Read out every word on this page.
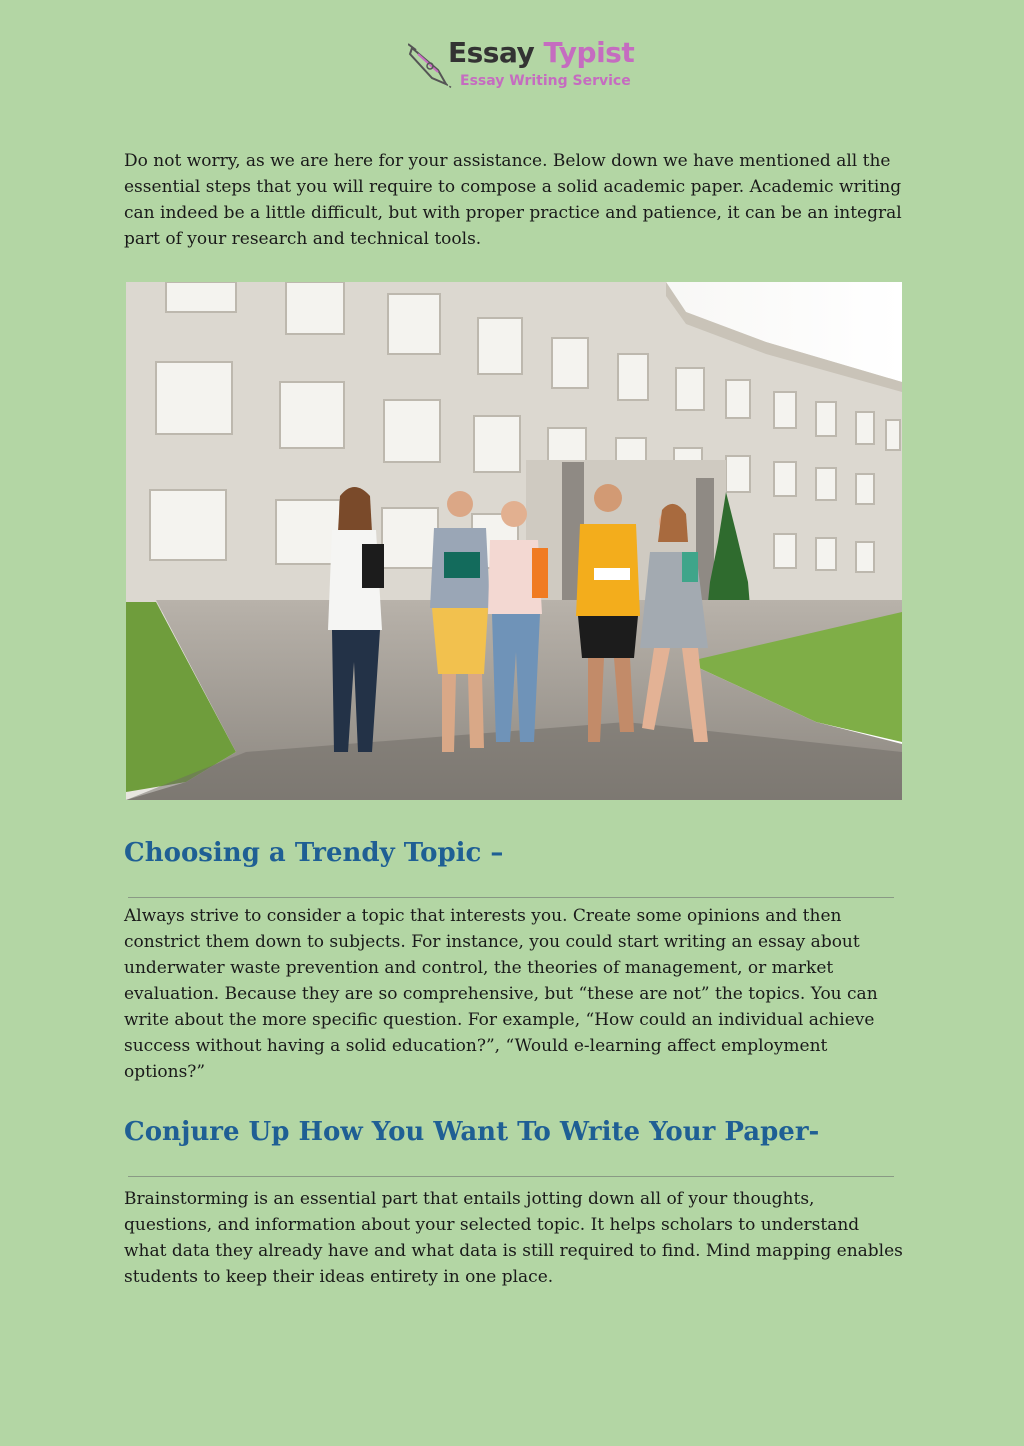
Essay Typist
Essay Writing Service

Do not worry, as we are here for your assistance. Below down we have mentioned all the essential steps that you will require to compose a solid academic paper. Academic writing can indeed be a little difficult, but with proper practice and patience, it can be an integral part of your research and technical tools.

Choosing a Trendy Topic –

Always strive to consider a topic that interests you. Create some opinions and then constrict them down to subjects. For instance, you could start writing an essay about underwater waste prevention and control, the theories of management, or market evaluation. Because they are so comprehensive, but “these are not” the topics. You can write about the more specific question. For example, “How could an individual achieve success without having a solid education?”, “Would e-learning affect employment options?”

Conjure Up How You Want To Write Your Paper-

Brainstorming is an essential part that entails jotting down all of your thoughts, questions, and information about your selected topic. It helps scholars to understand what data they already have and what data is still required to find. Mind mapping enables students to keep their ideas entirety in one place.
